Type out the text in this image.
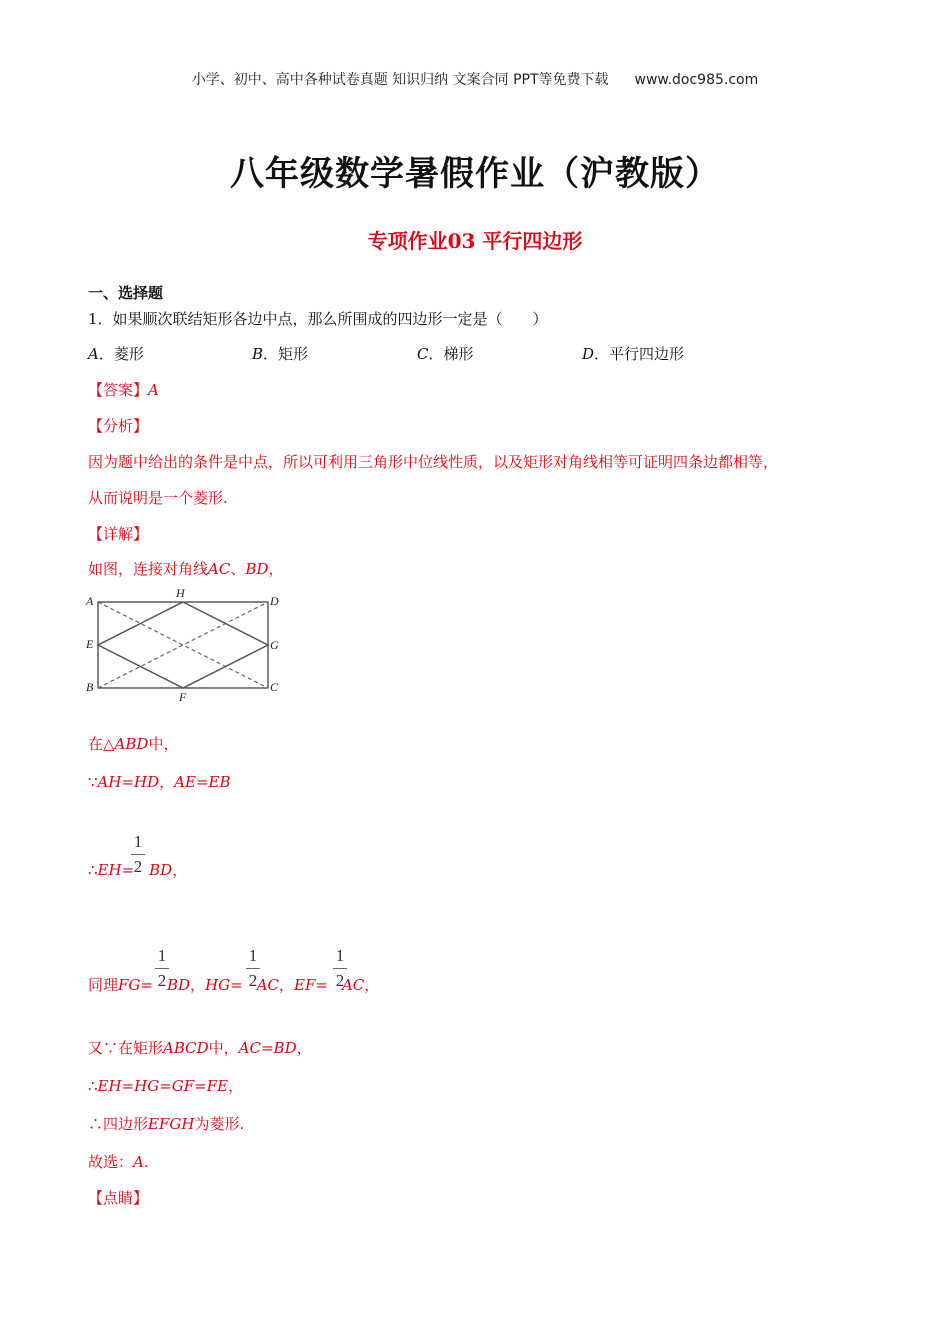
小学、初中、高中各种试卷真题 知识归纳 文案合同 PPT等免费下载 www.doc985.com
八年级数学暑假作业（沪教版）
专项作业03 平行四边形
一、选择题
1．如果顺次联结矩形各边中点，那么所围成的四边形一定是（　　）
A．菱形	B．矩形	C．梯形	D．平行四边形
【答案】A
【分析】
因为题中给出的条件是中点，所以可利用三角形中位线性质，以及矩形对角线相等可证明四条边都相等，
从而说明是一个菱形.
【详解】
如图，连接对角线AC、BD，
A
H
D
E	G
B	C
F
在△ABD中，
∵AH=HD，AE=EB
1
2
∴EH= BD，
1
2
1
2
1
2
同理FG= BD，HG= AC，EF= AC，
又∵在矩形ABCD中，AC=BD，
∴EH=HG=GF=FE，
∴四边形EFGH为菱形.
故选：A.
【点睛】
